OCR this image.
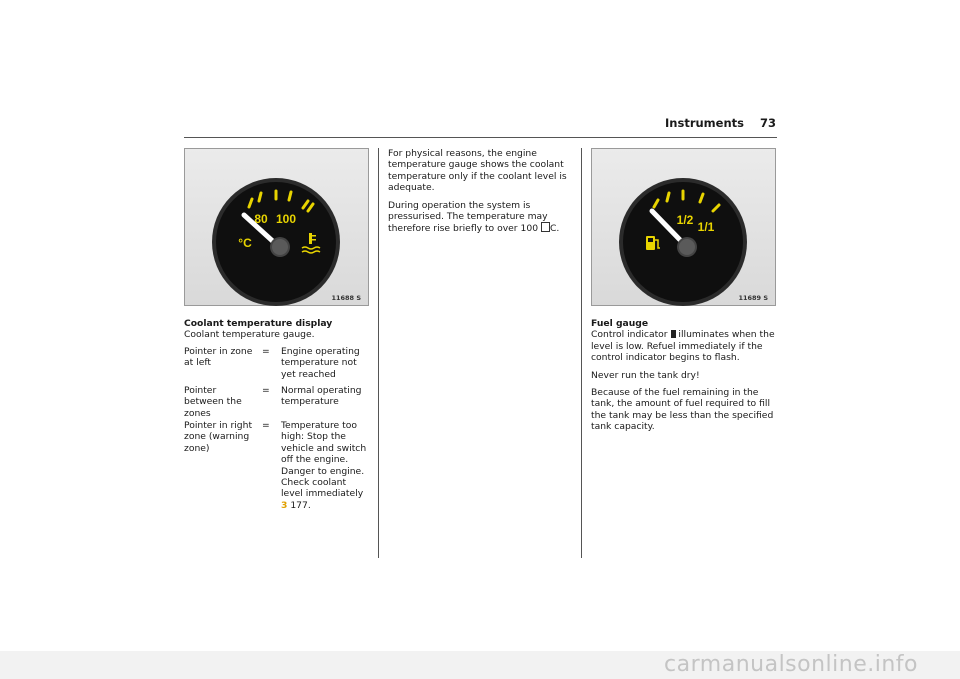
Instruments	73
80 100
°C
11688 S
1/2 1/1
11689 S
Coolant temperature display
Coolant temperature gauge.
Pointer in zone at left
= Engine operating temperature not yet reached
Pointer between the zones
= Normal operating temperature
Pointer in right zone (warning zone)
= Temperature too high: Stop the vehicle and switch off the engine. Danger to engine. Check coolant level immediately 3 177.

For physical reasons, the engine temperature gauge shows the coolant temperature only if the coolant level is adequate.

During operation the system is pressurised. The temperature may therefore rise briefly to over 100 C.

Fuel gauge

Control indicator  illuminates when the level is low. Refuel immediately if the control indicator begins to flash.

Never run the tank dry!

Because of the fuel remaining in the tank, the amount of fuel required to fill the tank may be less than the specified tank capacity.

carmanualsonline.info
